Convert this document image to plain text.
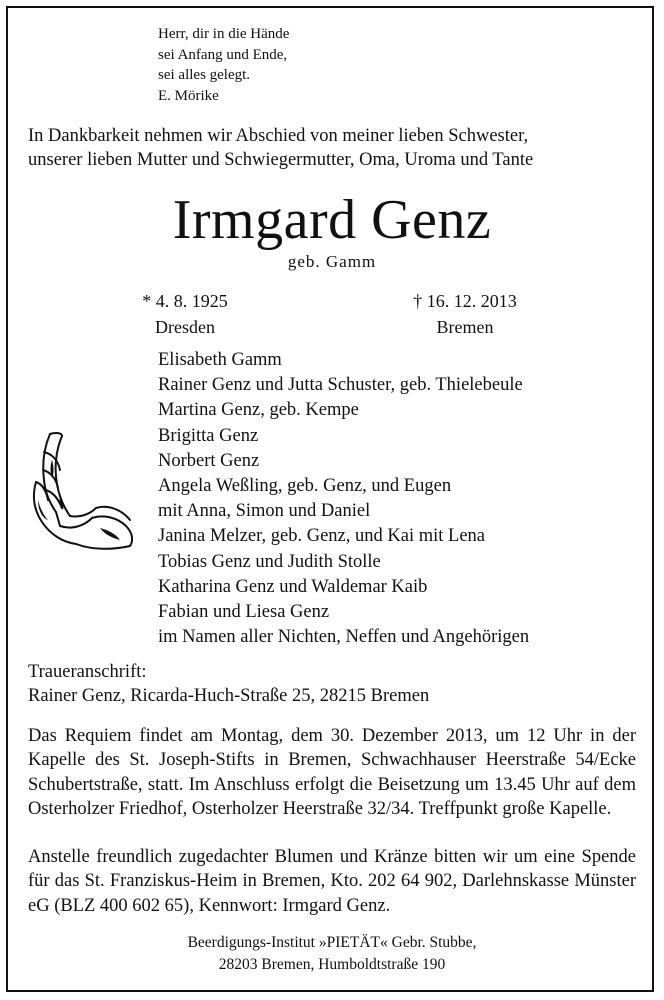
Herr, dir in die Hände
sei Anfang und Ende,
sei alles gelegt.
E. Mörike
In Dankbarkeit nehmen wir Abschied von meiner lieben Schwester,
unserer lieben Mutter und Schwiegermutter, Oma, Uroma und Tante
Irmgard Genz
geb. Gamm
* 4. 8. 1925
Dresden
† 16. 12. 2013
Bremen
Elisabeth Gamm
Rainer Genz und Jutta Schuster, geb. Thielebeule
Martina Genz, geb. Kempe
Brigitta Genz
Norbert Genz
Angela Weßling, geb. Genz, und Eugen
mit Anna, Simon und Daniel
Janina Melzer, geb. Genz, und Kai mit Lena
Tobias Genz und Judith Stolle
Katharina Genz und Waldemar Kaib
Fabian und Liesa Genz
im Namen aller Nichten, Neffen und Angehörigen
Traueranschrift:
Rainer Genz, Ricarda-Huch-Straße 25, 28215 Bremen
Das Requiem findet am Montag, dem 30. Dezember 2013, um 12 Uhr in der Kapelle des St. Joseph-Stifts in Bremen, Schwachhauser Heerstraße 54/Ecke Schubertstraße, statt. Im Anschluss erfolgt die Beisetzung um 13.45 Uhr auf dem Osterholzer Friedhof, Osterholzer Heerstraße 32/34. Treffpunkt große Kapelle.
Anstelle freundlich zugedachter Blumen und Kränze bitten wir um eine Spende für das St. Franziskus-Heim in Bremen, Kto. 202 64 902, Darlehnskasse Münster eG (BLZ 400 602 65), Kennwort: Irmgard Genz.
Beerdigungs-Institut »PIETÄT« Gebr. Stubbe,
28203 Bremen, Humboldtstraße 190
